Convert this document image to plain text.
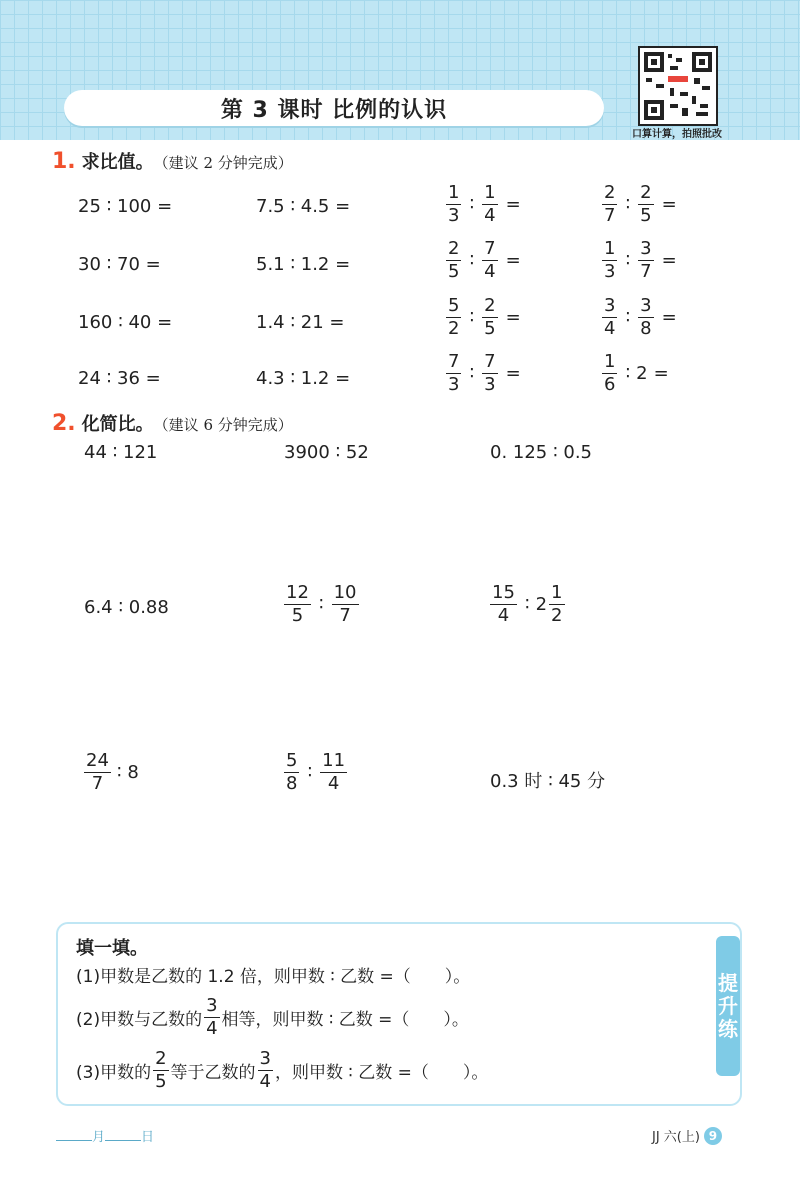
第 3 课时 比例的认识
口算计算，拍照批改
1. 求比值。 （建议 2 分钟完成）
25 ∶ 100 =	7.5 ∶ 4.5 =	$\frac{1}{3}$ ∶ $\frac{1}{4}$ =	$\frac{2}{7}$ ∶ $\frac{2}{5}$ =
30 ∶ 70 =	5.1 ∶ 1.2 =	$\frac{2}{5}$ ∶ $\frac{7}{4}$ =	$\frac{1}{3}$ ∶ $\frac{3}{7}$ =
160 ∶ 40 =	1.4 ∶ 21 =	$\frac{5}{2}$ ∶ $\frac{2}{5}$ =	$\frac{3}{4}$ ∶ $\frac{3}{8}$ =
24 ∶ 36 =	4.3 ∶ 1.2 =	$\frac{7}{3}$ ∶ $\frac{7}{3}$ =	$\frac{1}{6}$ ∶ 2 =
2. 化简比。 （建议 6 分钟完成）
44 ∶ 121	3900 ∶ 52	0. 125 ∶ 0.5
6.4 ∶ 0.88	$\frac{12}{5}$ ∶ $\frac{10}{7}$	$\frac{15}{4}$ ∶ $2 \frac{1}{2}$
$\frac{24}{7}$ ∶ 8	$\frac{5}{8}$ ∶ $\frac{11}{4}$	0.3 时 ∶ 45 分
提
升
练
填一填。
(1)甲数是乙数的 1.2 倍，则甲数 ∶ 乙数 =（　　）。
(2)甲数与乙数的 $\frac{3}{4}$ 相等，则甲数 ∶ 乙数 =（　　）。
(3)甲数的 $\frac{2}{5}$ 等于乙数的 $\frac{3}{4}$ ，则甲数 ∶ 乙数 =（　　）。
月	日	JJ 六(上) 9
